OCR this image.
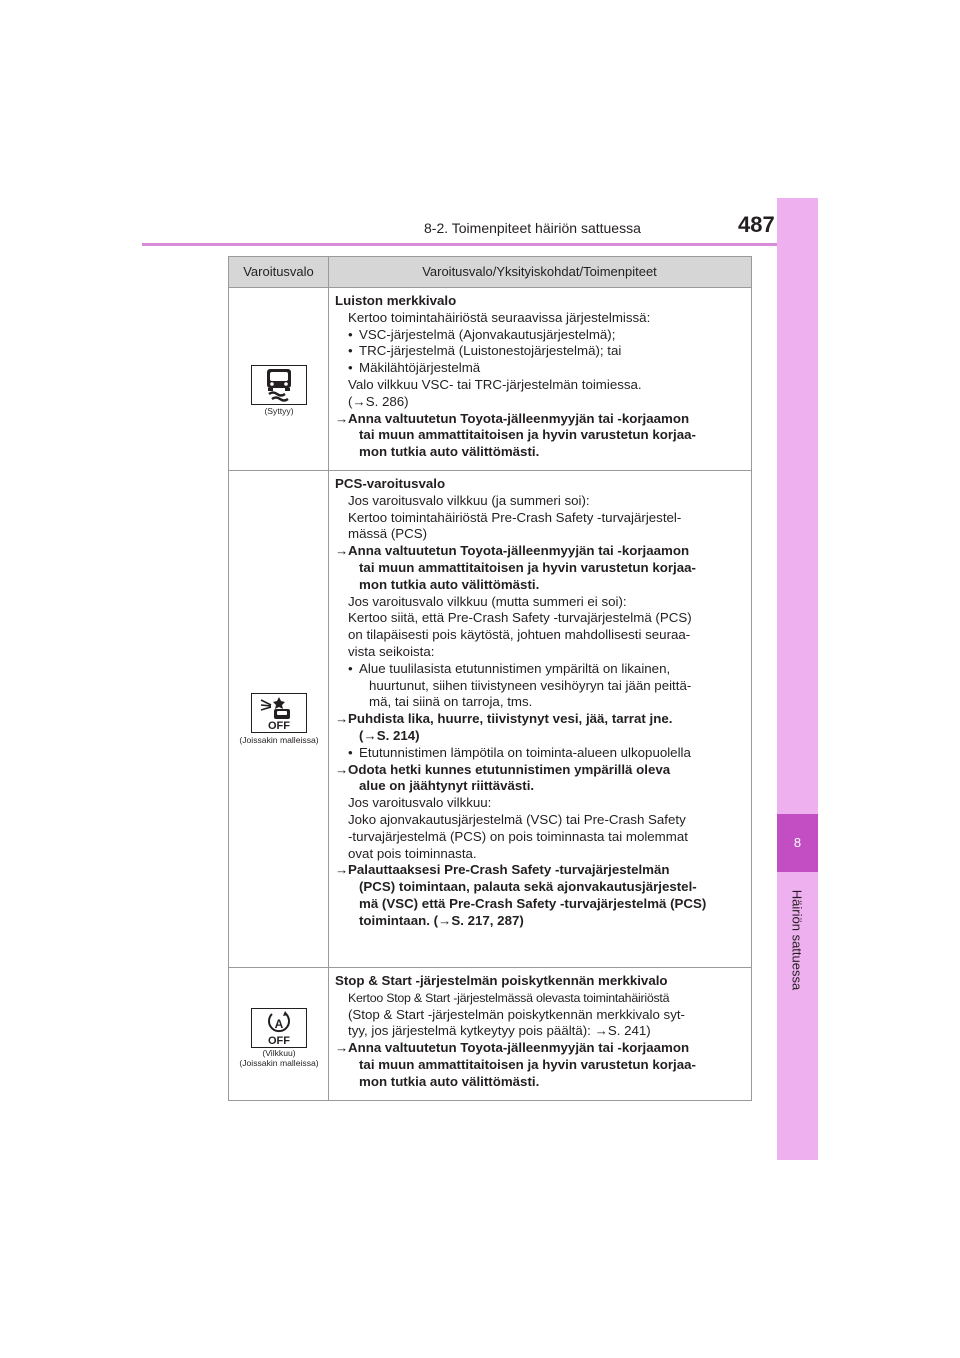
8-2. Toimenpiteet häiriön sattuessa	487
8
Häiriön sattuessa
Varoitusvalo	Varoitusvalo/Yksityiskohdat/Toimenpiteet
(Syttyy)

Luiston merkkivalo

Kertoo toimintahäiriöstä seuraavissa järjestelmissä:

• VSC-järjestelmä (Ajonvakautusjärjestelmä);

• TRC-järjestelmä (Luistonestojärjestelmä); tai

• Mäkilähtöjärjestelmä

Valo vilkkuu VSC- tai TRC-järjestelmän toimiessa.

(→S. 286)

→ Anna valtuutetun Toyota-jälleenmyyjän tai -korjaamon

tai muun ammattitaitoisen ja hyvin varustetun korjaa-

mon tutkia auto välittömästi.

OFF
(Joissakin malleissa)

PCS-varoitusvalo

Jos varoitusvalo vilkkuu (ja summeri soi):

Kertoo toimintahäiriöstä Pre-Crash Safety -turvajärjestel-

mässä (PCS)

→ Anna valtuutetun Toyota-jälleenmyyjän tai -korjaamon

tai muun ammattitaitoisen ja hyvin varustetun korjaa-

mon tutkia auto välittömästi.

Jos varoitusvalo vilkkuu (mutta summeri ei soi):

Kertoo siitä, että Pre-Crash Safety -turvajärjestelmä (PCS)

on tilapäisesti pois käytöstä, johtuen mahdollisesti seuraa-

vista seikoista:

• Alue tuulilasista etutunnistimen ympäriltä on likainen,

huurtunut, siihen tiivistyneen vesihöyryn tai jään peittä-

mä, tai siinä on tarroja, tms.

→ Puhdista lika, huurre, tiivistynyt vesi, jää, tarrat jne.

(→S. 214)

• Etutunnistimen lämpötila on toiminta-alueen ulkopuolella

→ Odota hetki kunnes etutunnistimen ympärillä oleva

alue on jäähtynyt riittävästi.

Jos varoitusvalo vilkkuu:

Joko ajonvakautusjärjestelmä (VSC) tai Pre-Crash Safety

-turvajärjestelmä (PCS) on pois toiminnasta tai molemmat

ovat pois toiminnasta.

→ Palauttaaksesi Pre-Crash Safety -turvajärjestelmän

(PCS) toimintaan, palauta sekä ajonvakautusjärjestel-

mä (VSC) että Pre-Crash Safety -turvajärjestelmä (PCS)

toimintaan. (→S. 217, 287)

A
OFF
(Vilkkuu)
(Joissakin malleissa)

Stop & Start -järjestelmän poiskytkennän merkkivalo

Kertoo Stop & Start -järjestelmässä olevasta toimintahäiriöstä

(Stop & Start -järjestelmän poiskytkennän merkkivalo syt-

tyy, jos järjestelmä kytkeytyy pois päältä): →S. 241)

→ Anna valtuutetun Toyota-jälleenmyyjän tai -korjaamon

tai muun ammattitaitoisen ja hyvin varustetun korjaa-

mon tutkia auto välittömästi.
